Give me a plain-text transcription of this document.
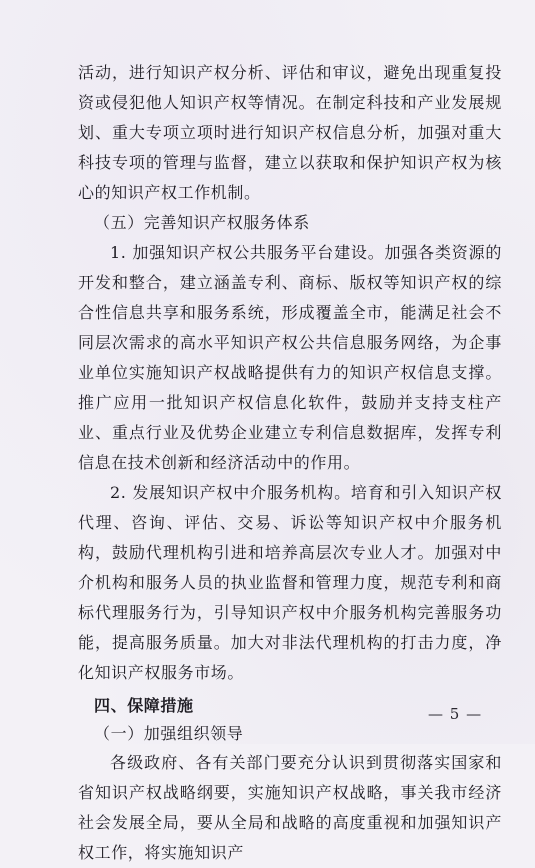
活动，进行知识产权分析、评估和审议，避免出现重复投资或侵犯他人知识产权等情况。在制定科技和产业发展规划、重大专项立项时进行知识产权信息分析，加强对重大科技专项的管理与监督，建立以获取和保护知识产权为核心的知识产权工作机制。

（五）完善知识产权服务体系

1. 加强知识产权公共服务平台建设。加强各类资源的开发和整合，建立涵盖专利、商标、版权等知识产权的综合性信息共享和服务系统，形成覆盖全市，能满足社会不同层次需求的高水平知识产权公共信息服务网络，为企事业单位实施知识产权战略提供有力的知识产权信息支撑。推广应用一批知识产权信息化软件，鼓励并支持支柱产业、重点行业及优势企业建立专利信息数据库，发挥专利信息在技术创新和经济活动中的作用。

2. 发展知识产权中介服务机构。培育和引入知识产权代理、咨询、评估、交易、诉讼等知识产权中介服务机构，鼓励代理机构引进和培养高层次专业人才。加强对中介机构和服务人员的执业监督和管理力度，规范专利和商标代理服务行为，引导知识产权中介服务机构完善服务功能，提高服务质量。加大对非法代理机构的打击力度，净化知识产权服务市场。

四、保障措施

（一）加强组织领导

各级政府、各有关部门要充分认识到贯彻落实国家和省知识产权战略纲要，实施知识产权战略，事关我市经济社会发展全局，要从全局和战略的高度重视和加强知识产权工作，将实施知识产

— 5 —
